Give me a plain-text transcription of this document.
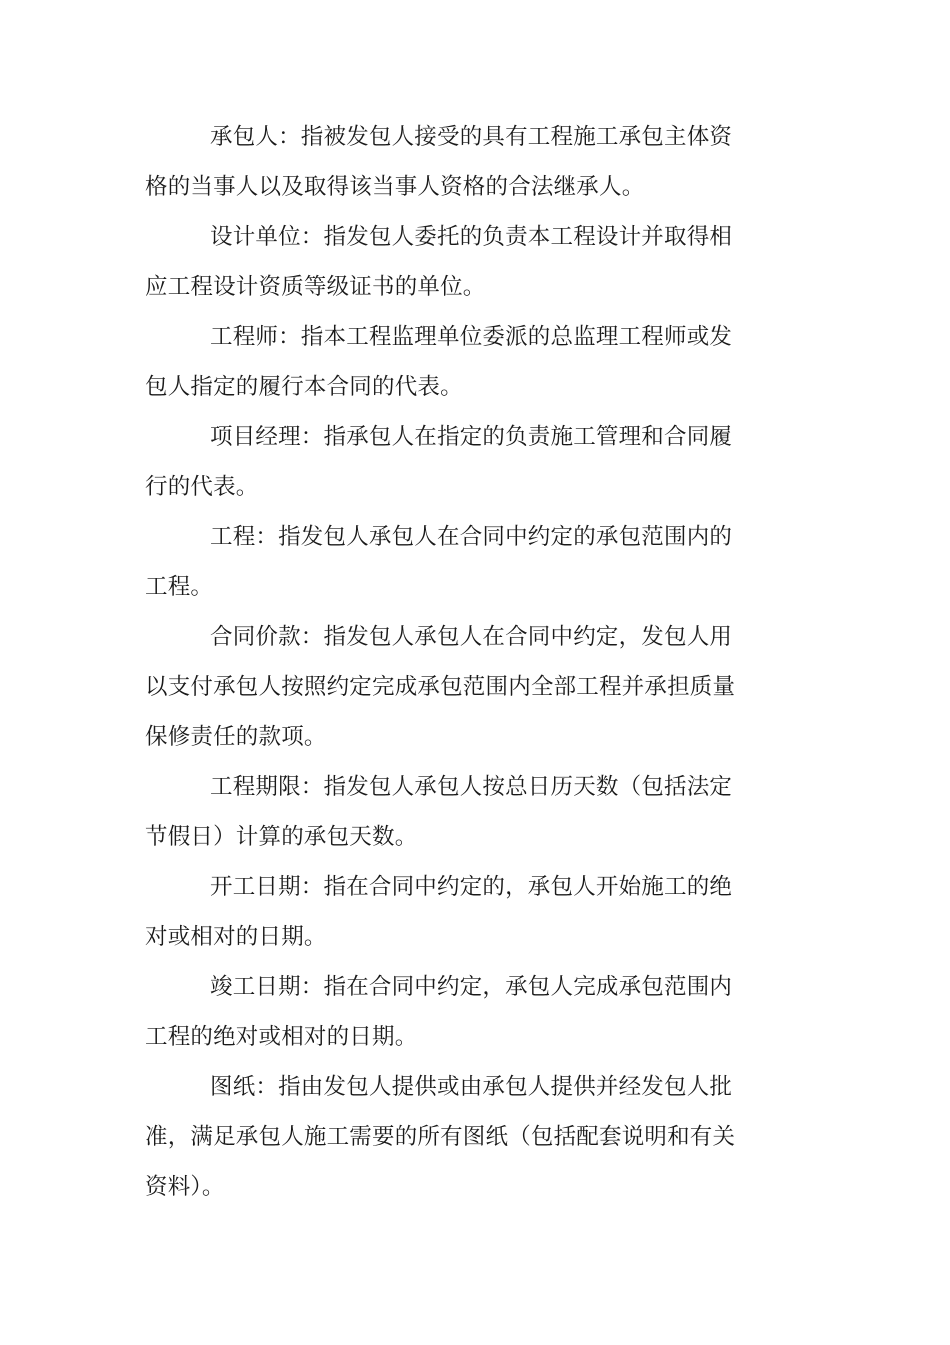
承包人：指被发包人接受的具有工程施工承包主体资格的当事人以及取得该当事人资格的合法继承人。

设计单位：指发包人委托的负责本工程设计并取得相应工程设计资质等级证书的单位。

工程师：指本工程监理单位委派的总监理工程师或发包人指定的履行本合同的代表。

项目经理：指承包人在指定的负责施工管理和合同履行的代表。

工程：指发包人承包人在合同中约定的承包范围内的工程。

合同价款：指发包人承包人在合同中约定，发包人用以支付承包人按照约定完成承包范围内全部工程并承担质量保修责任的款项。

工程期限：指发包人承包人按总日历天数（包括法定节假日）计算的承包天数。

开工日期：指在合同中约定的，承包人开始施工的绝对或相对的日期。

竣工日期：指在合同中约定，承包人完成承包范围内工程的绝对或相对的日期。

图纸：指由发包人提供或由承包人提供并经发包人批准，满足承包人施工需要的所有图纸（包括配套说明和有关资料）。
